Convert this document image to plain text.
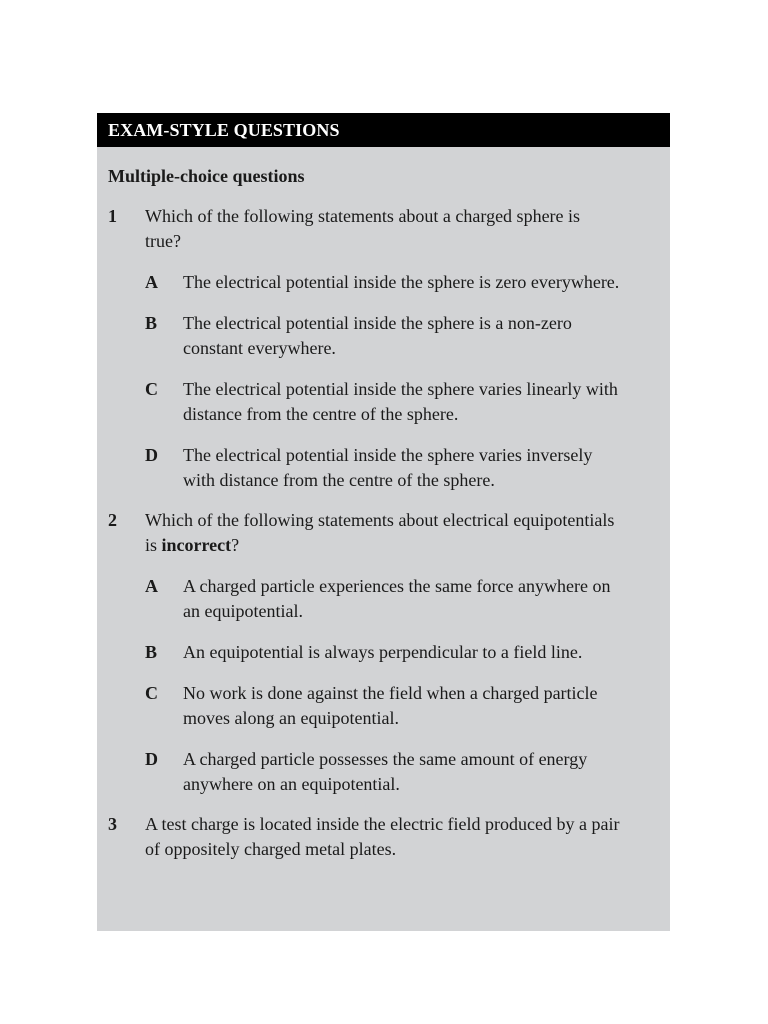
EXAM-STYLE QUESTIONS
Multiple-choice questions
1 Which of the following statements about a charged sphere is true?
A The electrical potential inside the sphere is zero everywhere.
B The electrical potential inside the sphere is a non-zero constant everywhere.
C The electrical potential inside the sphere varies linearly with distance from the centre of the sphere.
D The electrical potential inside the sphere varies inversely with distance from the centre of the sphere.
2 Which of the following statements about electrical equipotentials is incorrect?
A A charged particle experiences the same force anywhere on an equipotential.
B An equipotential is always perpendicular to a field line.
C No work is done against the field when a charged particle moves along an equipotential.
D A charged particle possesses the same amount of energy anywhere on an equipotential.
3 A test charge is located inside the electric field produced by a pair of oppositely charged metal plates.
